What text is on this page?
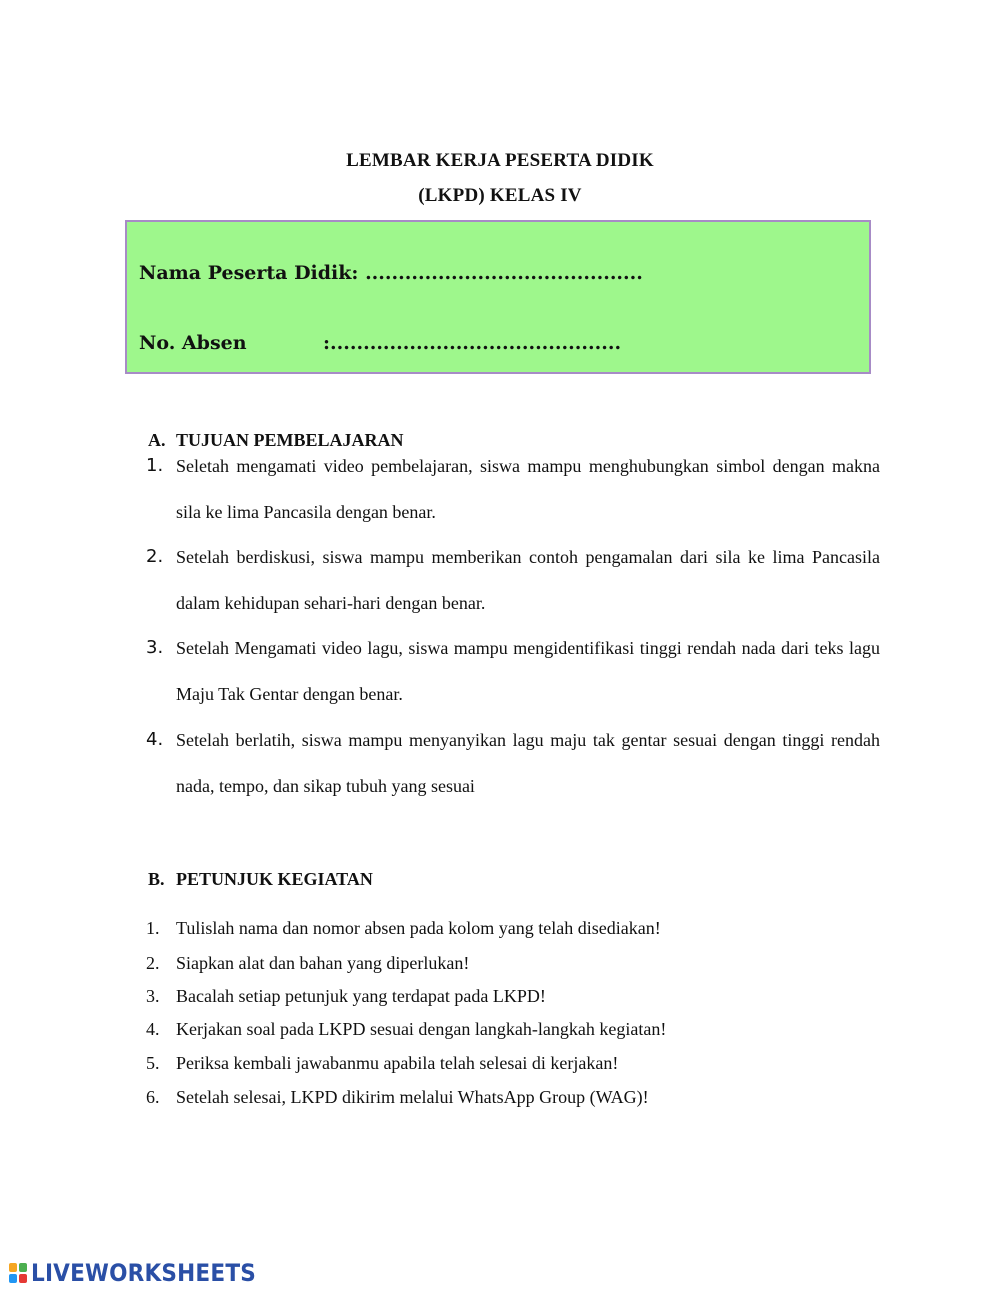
LEMBAR KERJA PESERTA DIDIK
(LKPD) KELAS IV
Nama Peserta Didik: ..........................................
No. Absen	:............................................
A. TUJUAN PEMBELAJARAN
1. Seletah mengamati video pembelajaran, siswa mampu menghubungkan simbol dengan makna sila ke lima Pancasila dengan benar.
2. Setelah berdiskusi, siswa mampu memberikan contoh pengamalan dari sila ke lima Pancasila dalam kehidupan sehari-hari dengan benar.
3. Setelah Mengamati video lagu, siswa mampu mengidentifikasi tinggi rendah nada dari teks lagu Maju Tak Gentar dengan benar.
4. Setelah berlatih, siswa mampu menyanyikan lagu maju tak gentar sesuai dengan tinggi rendah nada, tempo, dan sikap tubuh yang sesuai
B. PETUNJUK KEGIATAN
1. Tulislah nama dan nomor absen pada kolom yang telah disediakan!
2. Siapkan alat dan bahan yang diperlukan!
3. Bacalah setiap petunjuk yang terdapat pada LKPD!
4. Kerjakan soal pada LKPD sesuai dengan langkah-langkah kegiatan!
5. Periksa kembali jawabanmu apabila telah selesai di kerjakan!
6. Setelah selesai, LKPD dikirim melalui WhatsApp Group (WAG)!
LIVEWORKSHEETS
